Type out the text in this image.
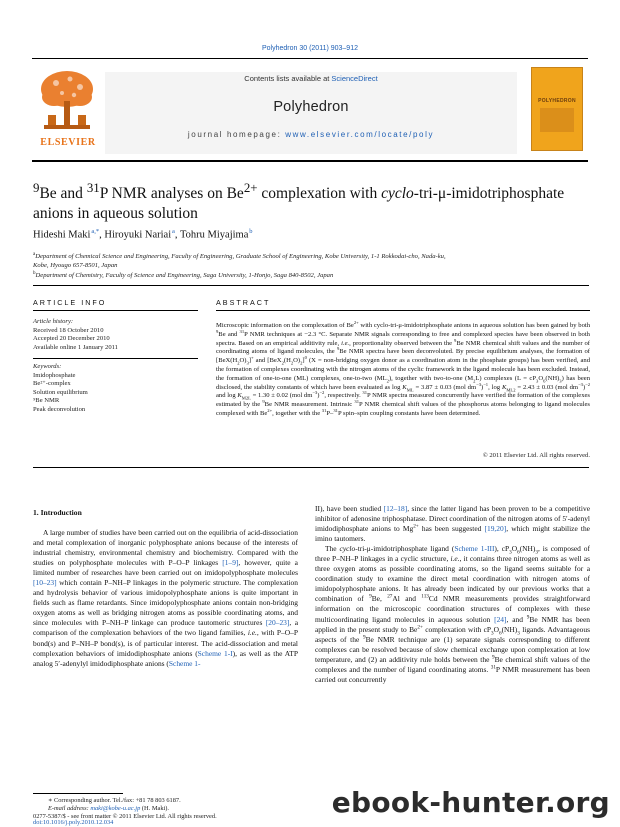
Polyhedron 30 (2011) 903–912
ELSEVIER
Contents lists available at ScienceDirect
Polyhedron
journal homepage: www.elsevier.com/locate/poly
POLYHEDRON
$^9$Be and $^{31}$P NMR analyses on $Be^{2+}$ complexation with cyclo-tri-μ-imidotriphosphate
anions in aqueous solution
Hideshi Maki $^{a,*}$, Hiroyuki Nariai $^a$, Tohru Miyajima $^b$
$^a$Department of Chemical Science and Engineering, Faculty of Engineering, Graduate School of Engineering, Kobe University, 1-1 Rokkodai-cho, Nada-ku,
Kobe, Hyougo 657-8501, Japan
$^b$Department of Chemistry, Faculty of Science and Engineering, Saga University, 1-Honjo, Saga 840-8502, Japan
ARTICLE INFO
Article history:
Received 18 October 2010
Accepted 20 December 2010
Available online 1 January 2011
Keywords:
Imidophosphate
Be²⁺-complex
Solution equilibrium
⁹Be NMR
Peak deconvolution
ABSTRACT
Microscopic information on the complexation of $Be^{2+}$ with cyclo-tri-μ-imidotriphosphate anions in aqueous solution has been gained by both $^9$Be and $^{31}$P NMR techniques at −2.3 °C. Separate NMR signals corresponding to free and complexed species have been observed in both spectra. Based on an empirical additivity rule, i.e., proportionality observed between the $^9$Be NMR chemical shift values and the number of coordinating atoms of ligand molecules, the $^9$Be NMR spectra have been deconvoluted. By precise equilibrium analyses, the formation of $[BeX(H_2O)_3]^+$ and $[BeX_2(H_2O)_2]^0$ (X = non-bridging oxygen donor as a coordination atom in the phosphate groups) has been verified, and the formation of complexes coordinating with the nitrogen atoms of the cyclic framework in the ligand molecule has been excluded. Instead, the formation of one-to-one (ML) complexes, one-to-two $(ML_2)$, together with two-to-one $(M_2L)$ complexes $(L = cP_3O_6(NH)_3)$ has been disclosed, the stability constants of which have been evaluated as $\log K_{ML} = 3.87 \pm 0.03$ (mol $dm^{-3})^{-1}$, $\log K_{ML2} = 2.43 \pm 0.03$ (mol $dm^{-3})^{-2}$ and $\log K_{M2L} = 1.30 \pm 0.02$ (mol $dm^{-3})^{-2}$, respectively. $^{31}$P NMR spectra measured concurrently have verified the formation of the complexes estimated by the $^9$Be NMR measurement. Intrinsic $^{31}$P NMR chemical shift values of the phosphorus atoms belonging to ligand molecules complexed with $Be^{2+}$, together with the $^{31}$P–$^{31}$P spin–spin coupling constants have been determined.
© 2011 Elsevier Ltd. All rights reserved.
1. Introduction
A large number of studies have been carried out on the equilibria of acid-dissociation and metal complexation of inorganic polyphosphate anions because of the interests of industrial chemistry, environmental chemistry and biochemistry. Compared with the studies on polyphosphate molecules with P–O–P linkages [1–9], however, quite a limited number of researches have been carried out on imidopolyphosphate molecules [10–23] which contain P–NH–P linkages in the polymeric structure. The complexation and hydrolysis behavior of various imidopolyphosphate anions is quite important in fields such as flame retardants. Since imidopolyphosphate anions contain non-bridging oxygen atoms as well as bridging nitrogen atoms as possible coordinating atoms, and since molecules with P–NH–P linkage can produce tautomeric structures [20–23], a comparison of the complexation behaviors of the two ligand families, i.e., with P–O–P bond(s) and P–NH–P bond(s), is of particular interest. The acid-dissociation and metal complexation behaviors of imidodiphosphate anions (Scheme 1-I), as well as the ATP analog 5′-adenylyl imidodiphosphate anions (Scheme 1-
II), have been studied [12–18], since the latter ligand has been proven to be a competitive inhibitor of adenosine triphosphatase. Direct coordination of the nitrogen atoms of 5′-adenyl imidodiphosphate anions to $Mg^{2+}$ has been suggested [19,20], which might stabilize the imino tautomers.
The cyclo-tri-μ-imidotriphosphate ligand (Scheme 1-III), $cP_3O_6(NH)_3$, is composed of three P–NH–P linkages in a cyclic structure, i.e., it contains three nitrogen atoms as well as three oxygen atoms as possible coordinating atoms, so the ligand seems suitable for a coordination study to examine the direct metal coordination with nitrogen atoms of imidopolyphosphate anions. It has already been indicated by our previous works that a combination of $^9$Be, $^{27}$Al and $^{113}$Cd NMR measurements provides straightforward information on the microscopic coordination structures of complexes with these multicoordinating ligand molecules in aqueous solution [24], and $^9$Be NMR has been applied in the present study to $Be^{2+}$ complexation with $cP_3O_6(NH)_3$ ligands. Advantageous aspects of the $^9$Be NMR technique are (1) separate signals corresponding to different complexes can be resolved because of slow chemical exchange upon complexation at low temperature, and (2) an additivity rule holds between the $^9$Be chemical shift values of the complexes and the number of ligand coordinating atoms. $^{31}$P NMR measurement has been carried out concurrently
∗ Corresponding author. Tel./fax: +81 78 803 6187.
E-mail address: maki@kobe-u.ac.jp (H. Maki).
0277-5387/$ - see front matter © 2011 Elsevier Ltd. All rights reserved.
doi:10.1016/j.poly.2010.12.034
ebook-hunter.org
